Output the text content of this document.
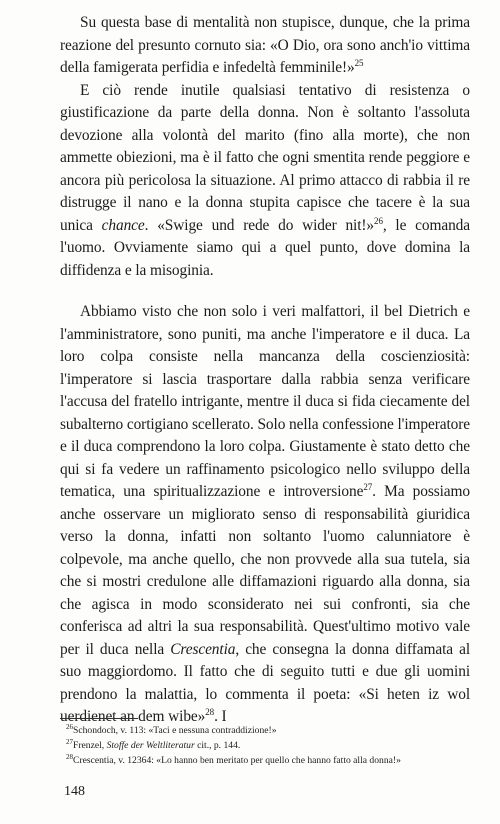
Su questa base di mentalità non stupisce, dunque, che la prima reazione del presunto cornuto sia: «O Dio, ora sono anch'io vittima della famigerata perfidia e infedeltà femminile!»$^{25}$

E ciò rende inutile qualsiasi tentativo di resistenza o giustificazione da parte della donna. Non è soltanto l'assoluta devozione alla volontà del marito (fino alla morte), che non ammette obiezioni, ma è il fatto che ogni smentita rende peggiore e ancora più pericolosa la situazione. Al primo attacco di rabbia il re distrugge il nano e la donna stupita capisce che tacere è la sua unica chance. «Swige und rede do wider nit!»$^{26}$, le comanda l'uomo. Ovviamente siamo qui a quel punto, dove domina la diffidenza e la misoginia.

Abbiamo visto che non solo i veri malfattori, il bel Dietrich e l'amministratore, sono puniti, ma anche l'imperatore e il duca. La loro colpa consiste nella mancanza della coscienziosità: l'imperatore si lascia trasportare dalla rabbia senza verificare l'accusa del fratello intrigante, mentre il duca si fida ciecamente del subalterno cortigiano scellerato. Solo nella confessione l'imperatore e il duca comprendono la loro colpa. Giustamente è stato detto che qui si fa vedere un raffinamento psicologico nello sviluppo della tematica, una spiritualizzazione e introversione$^{27}$. Ma possiamo anche osservare un migliorato senso di responsabilità giuridica verso la donna, infatti non soltanto l'uomo calunniatore è colpevole, ma anche quello, che non provvede alla sua tutela, sia che si mostri credulone alle diffamazioni riguardo alla donna, sia che agisca in modo sconsiderato nei sui confronti, sia che conferisca ad altri la sua responsabilità. Quest'ultimo motivo vale per il duca nella Crescentia, che consegna la donna diffamata al suo maggiordomo. Il fatto che di seguito tutti e due gli uomini prendono la malattia, lo commenta il poeta: «Si heten iz wol uerdienet an dem wibe»$^{28}$. I

$^{26}$Schondoch, v. 113: «Taci e nessuna contraddizione!»
$^{27}$Frenzel, Stoffe der Weltliteratur cit., p. 144.
$^{28}$Crescentia, v. 12364: «Lo hanno ben meritato per quello che hanno fatto alla donna!»
148
